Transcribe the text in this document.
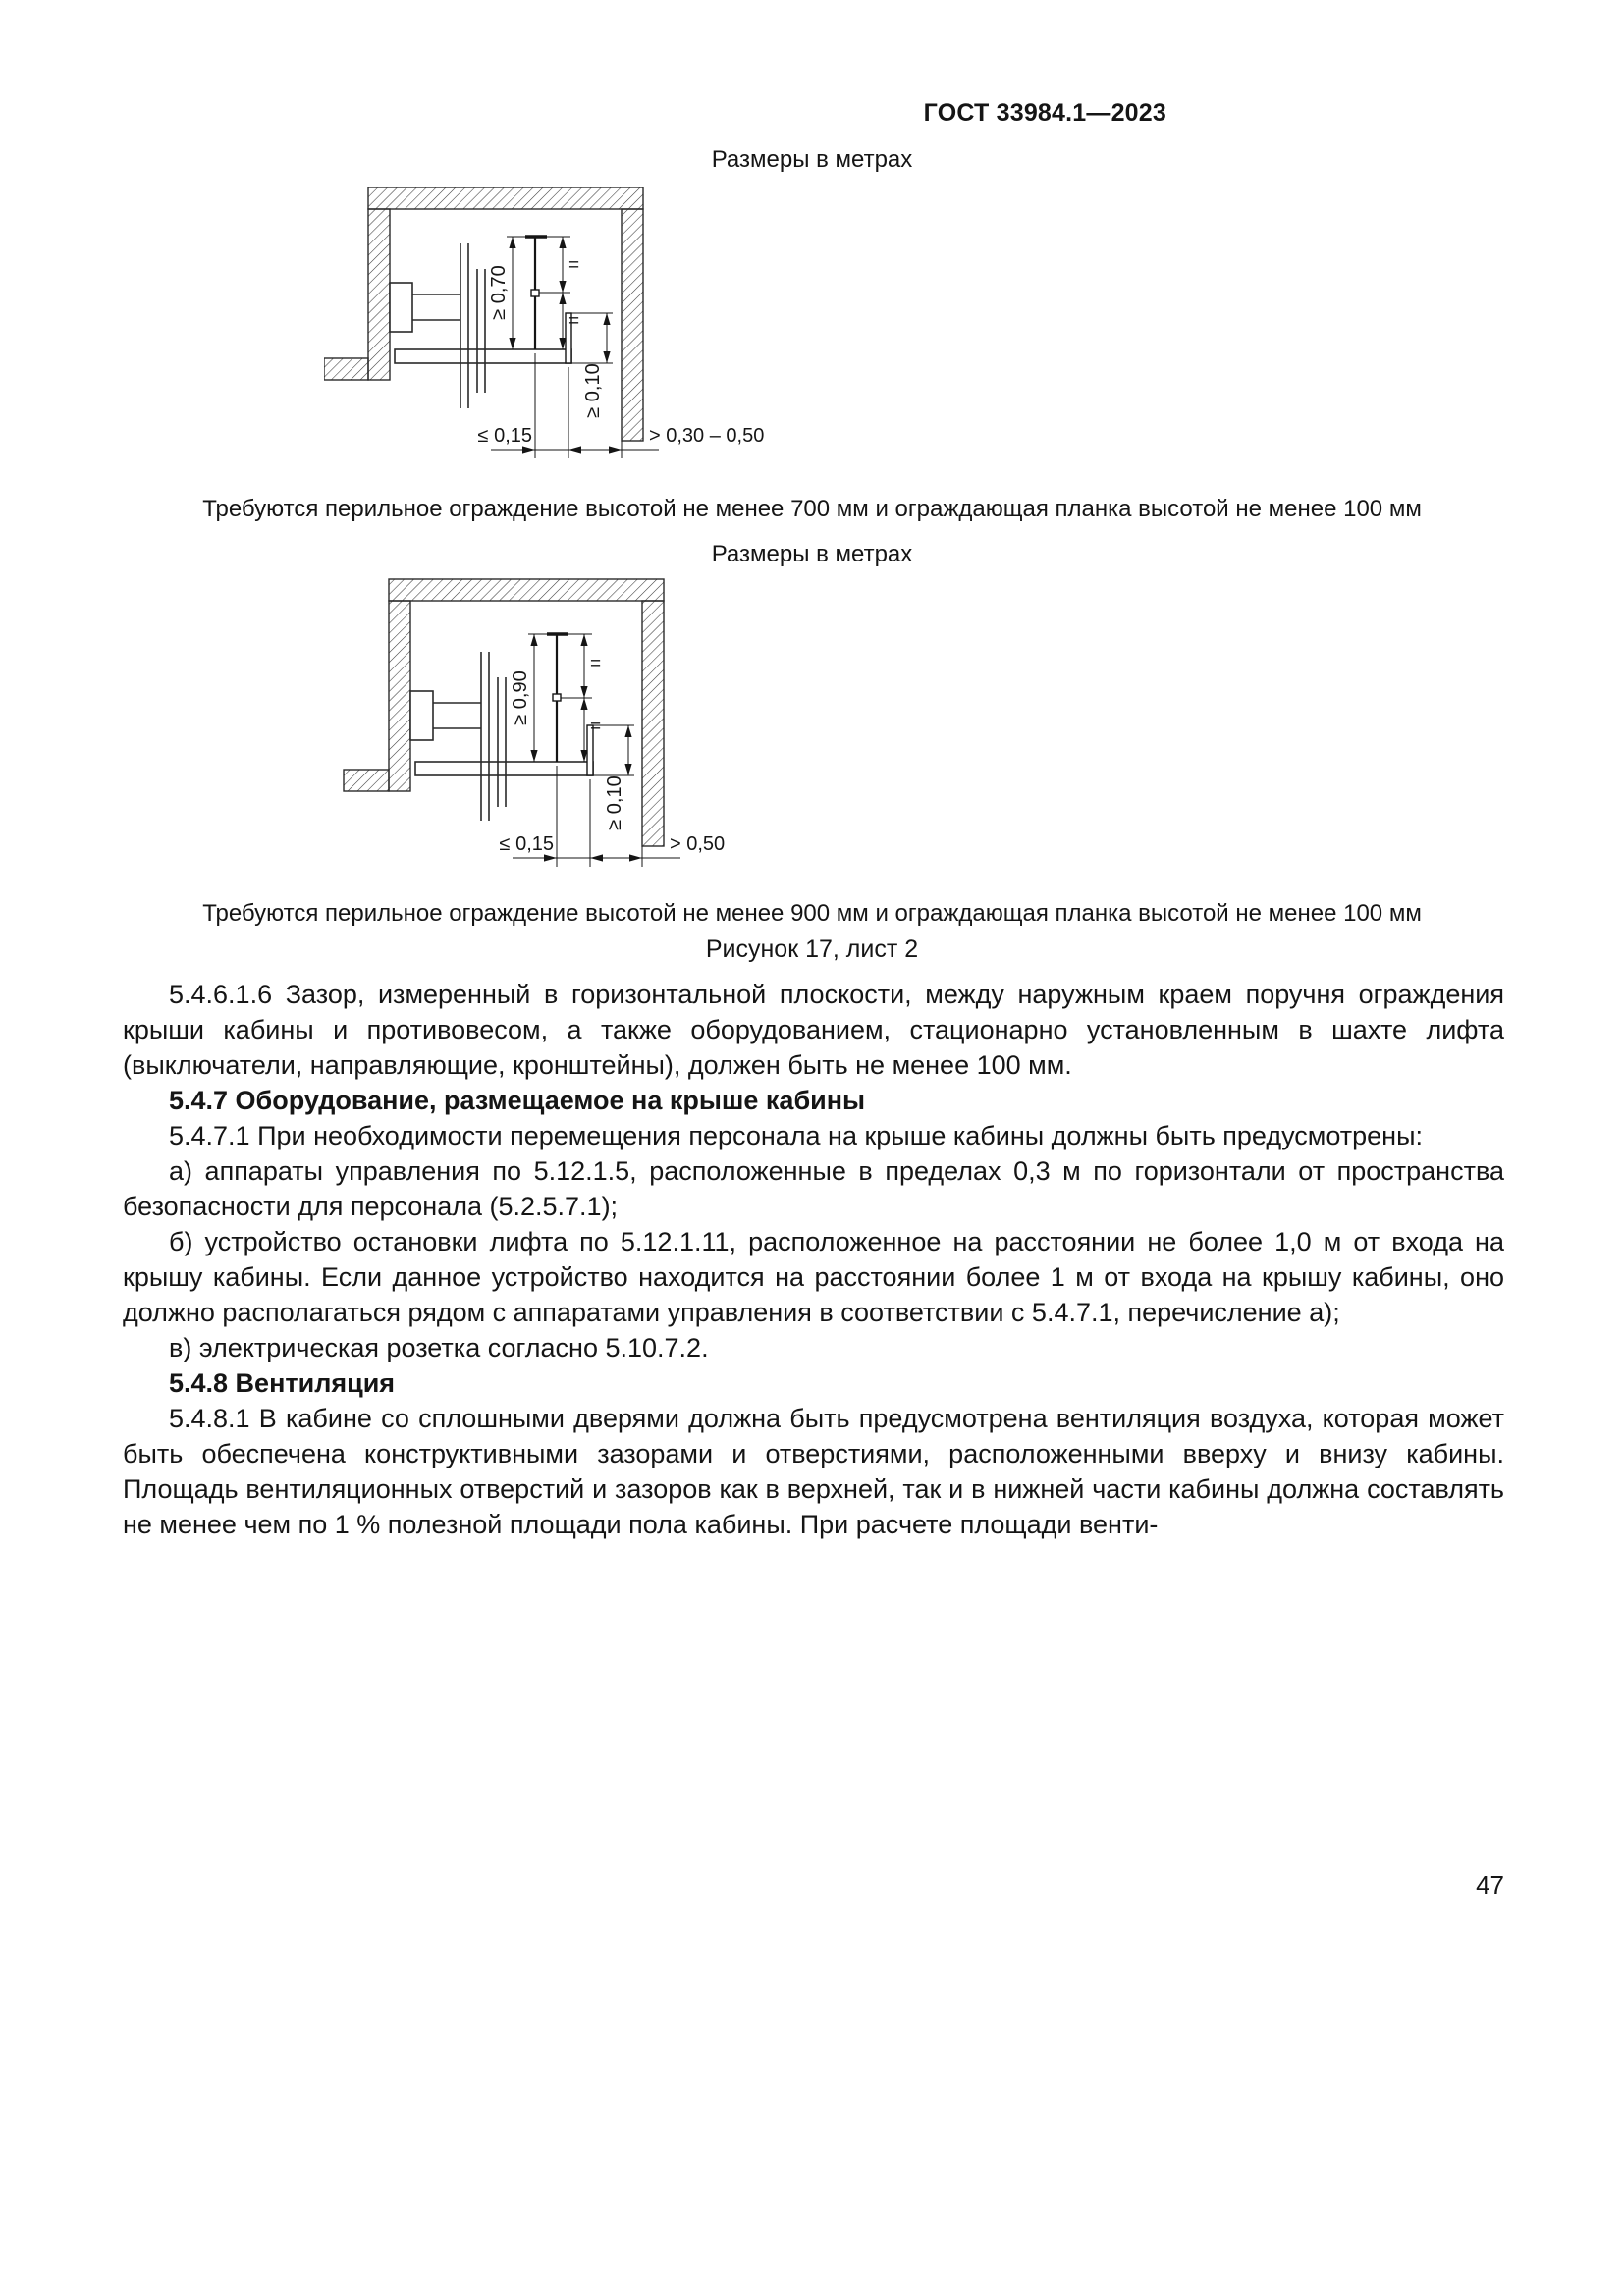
ГОСТ 33984.1—2023
Размеры в метрах
≥ 0,70	=
=
≥ 0,10
≤ 0,15	> 0,30 – 0,50
Требуются перильное ограждение высотой не менее 700 мм и ограждающая планка высотой не менее 100 мм
Размеры в метрах
≥ 0,90
=
=
≥ 0,10
≤ 0,15	> 0,50
Требуются перильное ограждение высотой не менее 900 мм и ограждающая планка высотой не менее 100 мм
Рисунок 17, лист 2

5.4.6.1.6 Зазор, измеренный в горизонтальной плоскости, между наружным краем поручня ограждения крыши кабины и противовесом, а также оборудованием, стационарно установленным в шахте лифта (выключатели, направляющие, кронштейны), должен быть не менее 100 мм.

5.4.7 Оборудование, размещаемое на крыше кабины

5.4.7.1 При необходимости перемещения персонала на крыше кабины должны быть предусмотрены:

а) аппараты управления по 5.12.1.5, расположенные в пределах 0,3 м по горизонтали от пространства безопасности для персонала (5.2.5.7.1);

б) устройство остановки лифта по 5.12.1.11, расположенное на расстоянии не более 1,0 м от входа на крышу кабины. Если данное устройство находится на расстоянии более 1 м от входа на крышу кабины, оно должно располагаться рядом с аппаратами управления в соответствии с 5.4.7.1, перечисление а);

в) электрическая розетка согласно 5.10.7.2.

5.4.8 Вентиляция

5.4.8.1 В кабине со сплошными дверями должна быть предусмотрена вентиляция воздуха, которая может быть обеспечена конструктивными зазорами и отверстиями, расположенными вверху и внизу кабины. Площадь вентиляционных отверстий и зазоров как в верхней, так и в нижней части кабины должна составлять не менее чем по 1 % полезной площади пола кабины. При расчете площади венти-

47
